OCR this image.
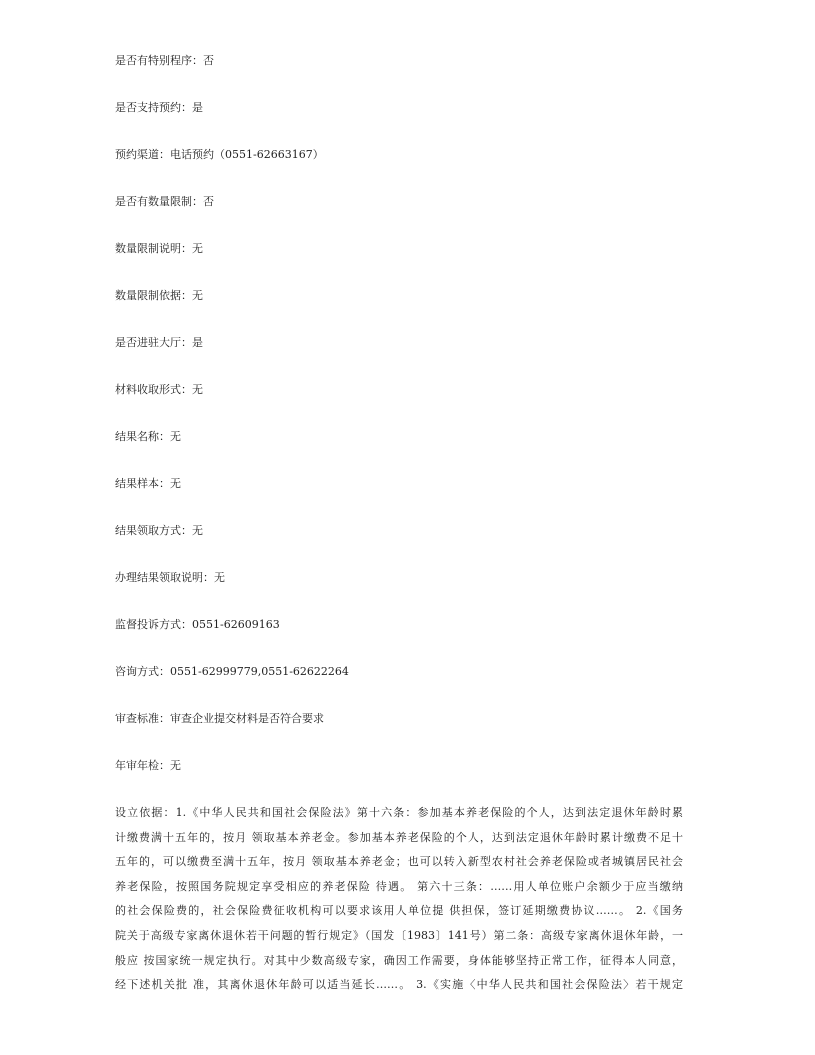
是否有特别程序：否
是否支持预约：是
预约渠道：电话预约（0551-62663167）
是否有数量限制：否
数量限制说明：无
数量限制依据：无
是否进驻大厅：是
材料收取形式：无
结果名称：无
结果样本：无
结果领取方式：无
办理结果领取说明：无
监督投诉方式：0551-62609163
咨询方式：0551-62999779,0551-62622264
审查标准：审查企业提交材料是否符合要求
年审年检：无
设立依据：1.《中华人民共和国社会保险法》第十六条：参加基本养老保险的个人，达到法定退休年龄时累
计缴费满十五年的，按月 领取基本养老金。参加基本养老保险的个人，达到法定退休年龄时累计缴费不足十
五年的，可以缴费至满十五年，按月 领取基本养老金；也可以转入新型农村社会养老保险或者城镇居民社会
养老保险，按照国务院规定享受相应的养老保险 待遇。 第六十三条：……用人单位账户余额少于应当缴纳
的社会保险费的，社会保险费征收机构可以要求该用人单位提 供担保，签订延期缴费协议……。 2.《国务
院关于高级专家离休退休若干问题的暂行规定》（国发〔1983〕141号）第二条：高级专家离休退休年龄，一
般应 按国家统一规定执行。对其中少数高级专家，确因工作需要，身体能够坚持正常工作，征得本人同意，
经下述机关批 准，其离休退休年龄可以适当延长……。 3.《实施〈中华人民共和国社会保险法〉若干规定
